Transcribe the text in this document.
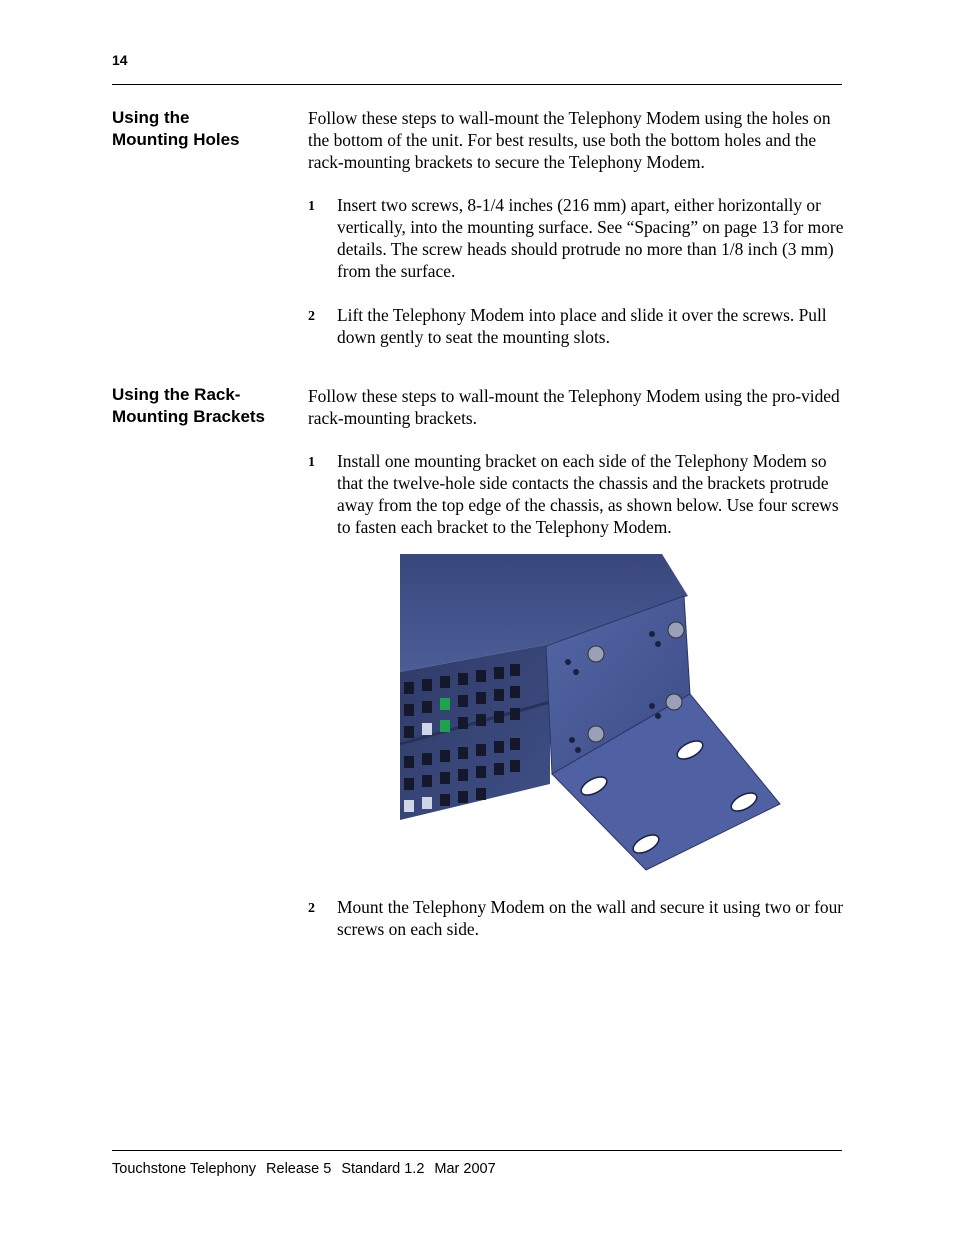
14
Using the
Mounting Holes
Follow these steps to wall-mount the Telephony Modem using the holes on the bottom of the unit. For best results, use both the bottom holes and the rack-mounting brackets to secure the Telephony Modem.
1 Insert two screws, 8-1/4 inches (216 mm) apart, either horizontally or vertically, into the mounting surface. See “Spacing” on page 13 for more details. The screw heads should protrude no more than 1/8 inch (3 mm) from the surface.
2 Lift the Telephony Modem into place and slide it over the screws. Pull down gently to seat the mounting slots.
Using the Rack-
Mounting Brackets
Follow these steps to wall-mount the Telephony Modem using the pro-vided rack-mounting brackets.
1 Install one mounting bracket on each side of the Telephony Modem so that the twelve-hole side contacts the chassis and the brackets protrude away from the top edge of the chassis, as shown below. Use four screws to fasten each bracket to the Telephony Modem.
2 Mount the Telephony Modem on the wall and secure it using two or four screws on each side.
Touchstone Telephony Release 5 Standard 1.2 Mar 2007
